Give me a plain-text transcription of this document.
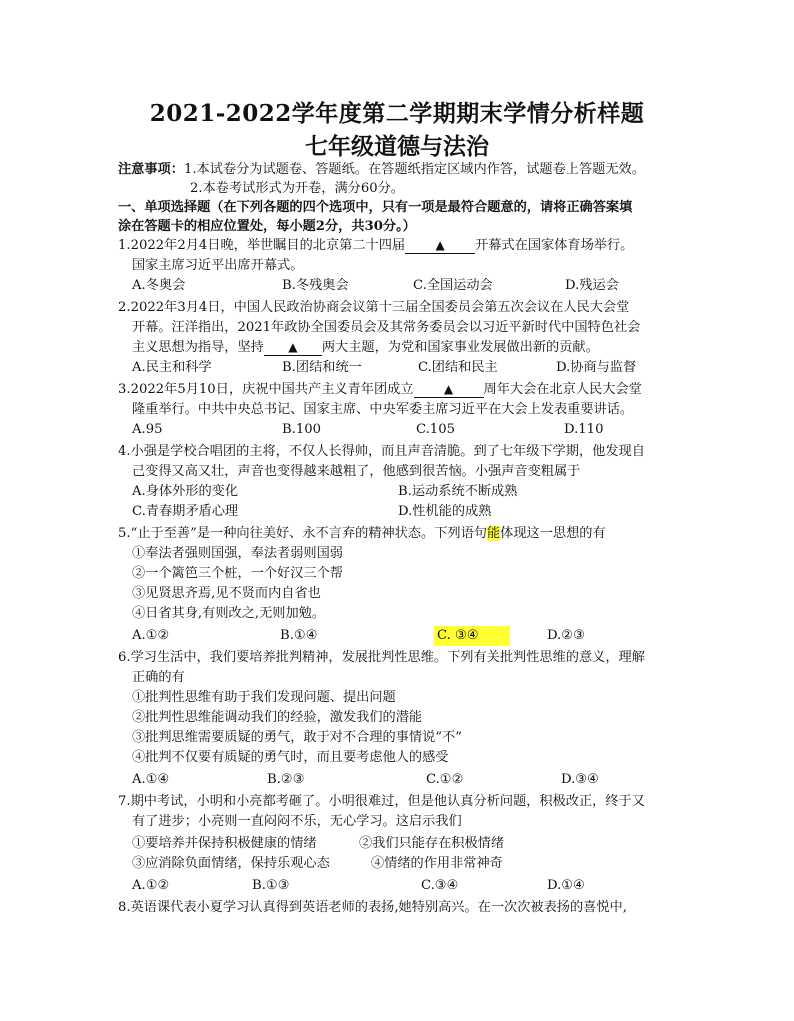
2021-2022学年度第二学期期末学情分析样题
七年级道德与法治
注意事项：1.本试卷分为试题卷、答题纸。在答题纸指定区域内作答，试题卷上答题无效。
2.本卷考试形式为开卷，满分60分。
一、单项选择题（在下列各题的四个选项中，只有一项是最符合题意的，请将正确答案填
涂在答题卡的相应位置处，每小题2分，共30分。）
1.2022年2月4日晚，举世瞩目的北京第二十四届	▲ 开幕式在国家体育场举行。
国家主席习近平出席开幕式。
A.冬奥会	B.冬残奥会	C.全国运动会	D.残运会
2.2022年3月4日，中国人民政治协商会议第十三届全国委员会第五次会议在人民大会堂
开幕。汪洋指出，2021年政协全国委员会及其常务委员会以习近平新时代中国特色社会
主义思想为指导，坚持 ▲ 两大主题，为党和国家事业发展做出新的贡献。
A.民主和科学	B.团结和统一	C.团结和民主	D.协商与监督
3.2022年5月10日，庆祝中国共产主义青年团成立	▲ 周年大会在北京人民大会堂
隆重举行。中共中央总书记、国家主席、中央军委主席习近平在大会上发表重要讲话。
A.95	B.100	C.105	D.110
4.小强是学校合唱团的主将，不仅人长得帅，而且声音清脆。到了七年级下学期，他发现自
己变得又高又壮，声音也变得越来越粗了，他感到很苦恼。小强声音变粗属于
A.身体外形的变化	B.运动系统不断成熟
C.青春期矛盾心理	D.性机能的成熟
5.“止于至善”是一种向往美好、永不言弃的精神状态。下列语句能体现这一思想的有
①奉法者强则国强，奉法者弱则国弱
②一个篱笆三个桩，一个好汉三个帮
③见贤思齐焉,见不贤而内自省也
④日省其身,有则改之,无则加勉。
A.①②	B.①④	C. ③④	D.②③
6.学习生活中，我们要培养批判精神，发展批判性思维。下列有关批判性思维的意义，理解
正确的有
①批判性思维有助于我们发现问题、提出问题
②批判性思维能调动我们的经验，激发我们的潜能
③批判思维需要质疑的勇气，敢于对不合理的事情说“不”
④批判不仅要有质疑的勇气时，而且要考虑他人的感受
A.①④	B.②③	C.①②	D.③④
7.期中考试，小明和小亮都考砸了。小明很难过，但是他认真分析问题，积极改正，终于又
有了进步；小亮则一直闷闷不乐，无心学习。这启示我们
①要培养并保持积极健康的情绪	②我们只能存在积极情绪
③应消除负面情绪，保持乐观心态	④情绪的作用非常神奇
A.①②	B.①③	C.③④	D.①④
8.英语课代表小夏学习认真得到英语老师的表扬,她特别高兴。在一次次被表扬的喜悦中,
